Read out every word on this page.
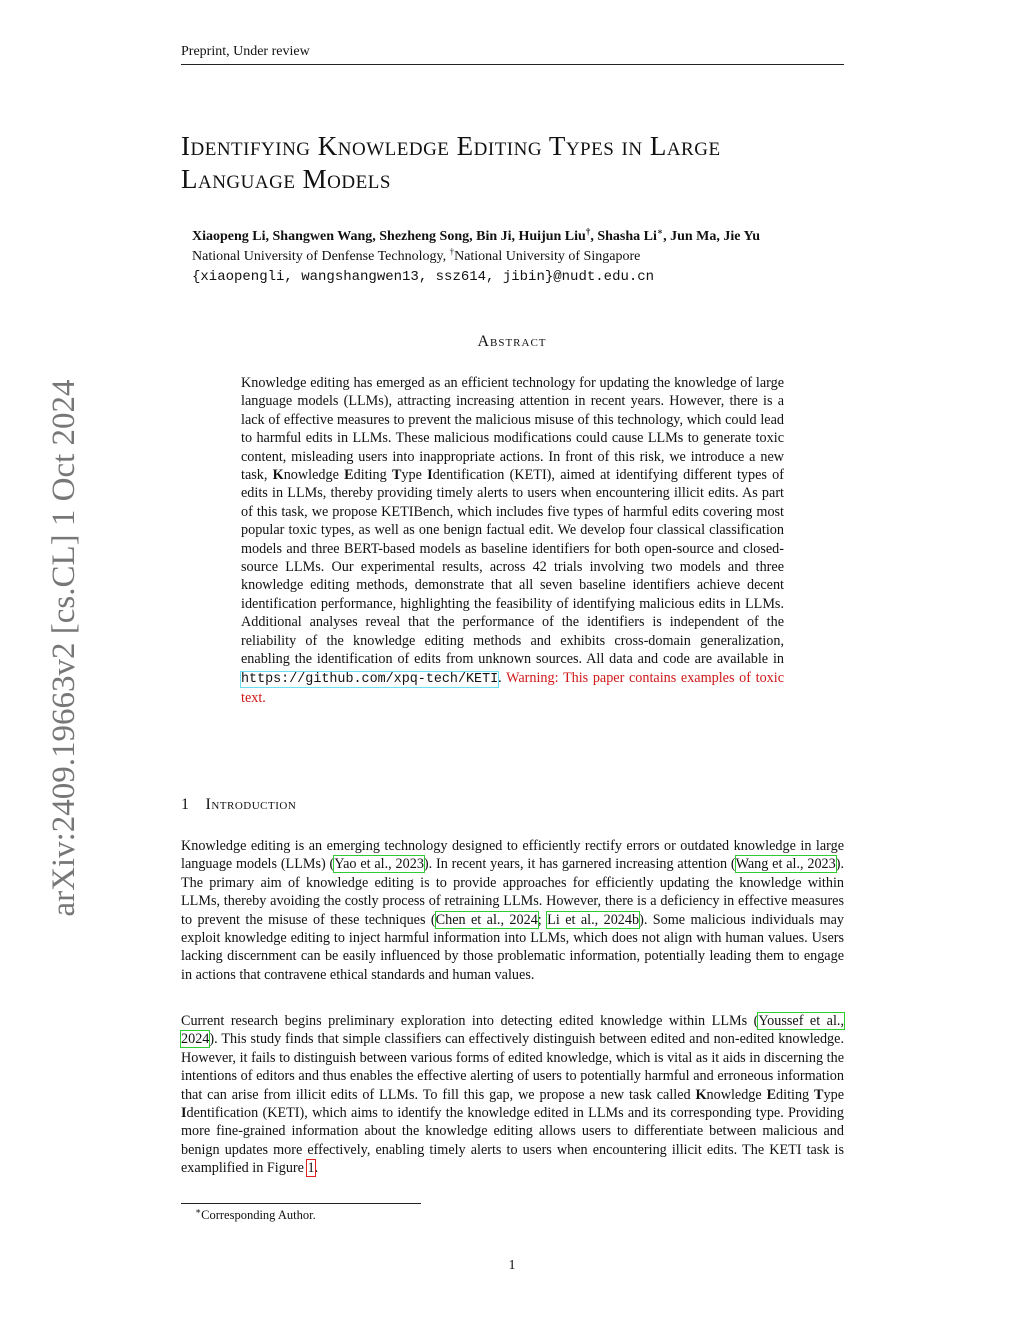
Preprint, Under review
arXiv:2409.19663v2 [cs.CL] 1 Oct 2024
Identifying Knowledge Editing Types in Large
Language Models
Xiaopeng Li, Shangwen Wang, Shezheng Song, Bin Ji, Huijun Liu†, Shasha Li∗, Jun Ma, Jie Yu
National University of Denfense Technology, †National University of Singapore
{xiaopengli, wangshangwen13, ssz614, jibin}@nudt.edu.cn
Abstract

Knowledge editing has emerged as an efficient technology for updating the knowledge of large language models (LLMs), attracting increasing attention in recent years. However, there is a lack of effective measures to prevent the malicious misuse of this technology, which could lead to harmful edits in LLMs. These malicious modifications could cause LLMs to generate toxic content, misleading users into inappropriate actions. In front of this risk, we introduce a new task, Knowledge Editing Type Identification (KETI), aimed at identifying different types of edits in LLMs, thereby providing timely alerts to users when encountering illicit edits. As part of this task, we propose KETIBench, which includes five types of harmful edits covering most popular toxic types, as well as one benign factual edit. We develop four classical classification models and three BERT-based models as baseline identifiers for both open-source and closed-source LLMs. Our experimental results, across 42 trials involving two models and three knowledge editing methods, demonstrate that all seven baseline identifiers achieve decent identification performance, highlighting the feasibility of identifying malicious edits in LLMs. Additional analyses reveal that the performance of the identifiers is independent of the reliability of the knowledge editing methods and exhibits cross-domain generalization, enabling the identification of edits from unknown sources. All data and code are available in https://github.com/xpq-tech/KETI. Warning: This paper contains examples of toxic text.

1 Introduction

Knowledge editing is an emerging technology designed to efficiently rectify errors or outdated knowledge in large language models (LLMs) (Yao et al., 2023). In recent years, it has garnered increasing attention (Wang et al., 2023). The primary aim of knowledge editing is to provide approaches for efficiently updating the knowledge within LLMs, thereby avoiding the costly process of retraining LLMs. However, there is a deficiency in effective measures to prevent the misuse of these techniques (Chen et al., 2024; Li et al., 2024b). Some malicious individuals may exploit knowledge editing to inject harmful information into LLMs, which does not align with human values. Users lacking discernment can be easily influenced by those problematic information, potentially leading them to engage in actions that contravene ethical standards and human values.

Current research begins preliminary exploration into detecting edited knowledge within LLMs (Youssef et al., 2024). This study finds that simple classifiers can effectively distinguish between edited and non-edited knowledge. However, it fails to distinguish between various forms of edited knowledge, which is vital as it aids in discerning the intentions of editors and thus enables the effective alerting of users to potentially harmful and erroneous information that can arise from illicit edits of LLMs. To fill this gap, we propose a new task called Knowledge Editing Type Identification (KETI), which aims to identify the knowledge edited in LLMs and its corresponding type. Providing more fine-grained information about the knowledge editing allows users to differentiate between malicious and benign updates more effectively, enabling timely alerts to users when encountering illicit edits. The KETI task is examplified in Figure 1.

∗Corresponding Author.
1
